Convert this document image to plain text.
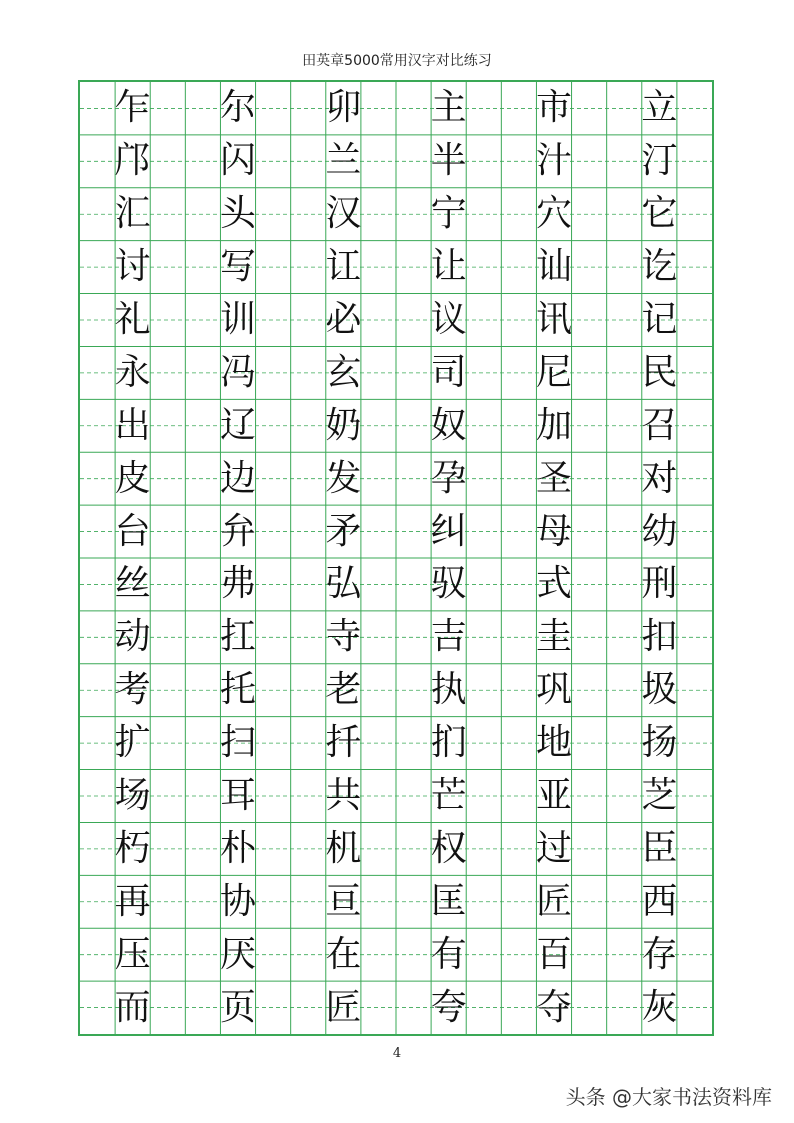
田英章5000常用汉字对比练习
乍	尔	卯	主	市	立
邝	闪	兰	半	汁	汀
汇	头	汉	宁	穴	它
讨	写	讧	让	讪	讫
礼	训	必	议	讯	记
永	冯	玄	司	尼	民
出	辽	奶	奴	加	召
皮	边	发	孕	圣	对
台	弁	矛	纠	母	幼
丝	弗	弘	驭	式	刑
动	扛	寺	吉	圭	扣
考	托	老	执	巩	圾
扩	扫	扦	扪	地	扬
场	耳	共	芒	亚	芝
朽	朴	机	权	过	臣
再	协	亘	匡	匠	西
压	厌	在	有	百	存
而	页	匠	夸	夺	灰
4
头条 @大家书法资料库
